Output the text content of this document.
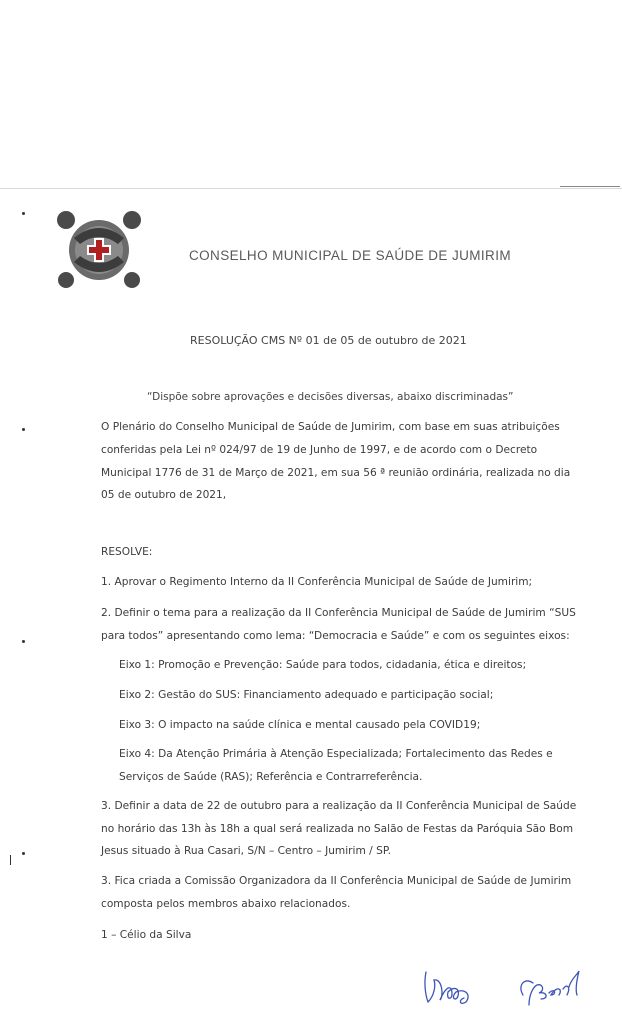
CONSELHO MUNICIPAL DE SAÚDE DE JUMIRIM
RESOLUÇÃO CMS Nº 01 de 05 de outubro de 2021
“Dispõe sobre aprovações e decisões diversas, abaixo discriminadas”
O Plenário do Conselho Municipal de Saúde de Jumirim, com base em suas atribuições
conferidas pela Lei nº 024/97 de 19 de Junho de 1997, e de acordo com o Decreto
Municipal 1776 de 31 de Março de 2021, em sua 56 ª reunião ordinária, realizada no dia
05 de outubro de 2021,
RESOLVE:
1. Aprovar o Regimento Interno da II Conferência Municipal de Saúde de Jumirim;
2. Definir o tema para a realização da II Conferência Municipal de Saúde de Jumirim “SUS
para todos” apresentando como lema: “Democracia e Saúde” e com os seguintes eixos:
Eixo 1: Promoção e Prevenção: Saúde para todos, cidadania, ética e direitos;
Eixo 2: Gestão do SUS: Financiamento adequado e participação social;
Eixo 3: O impacto na saúde clínica e mental causado pela COVID19;
Eixo 4: Da Atenção Primária à Atenção Especializada; Fortalecimento das Redes e
Serviços de Saúde (RAS); Referência e Contrarreferência.
3. Definir a data de 22 de outubro para a realização da II Conferência Municipal de Saúde
no horário das 13h às 18h a qual será realizada no Salão de Festas da Paróquia São Bom
Jesus situado à Rua Casari, S/N – Centro – Jumirim / SP.
3. Fica criada a Comissão Organizadora da II Conferência Municipal de Saúde de Jumirim
composta pelos membros abaixo relacionados.
1 – Célio da Silva
